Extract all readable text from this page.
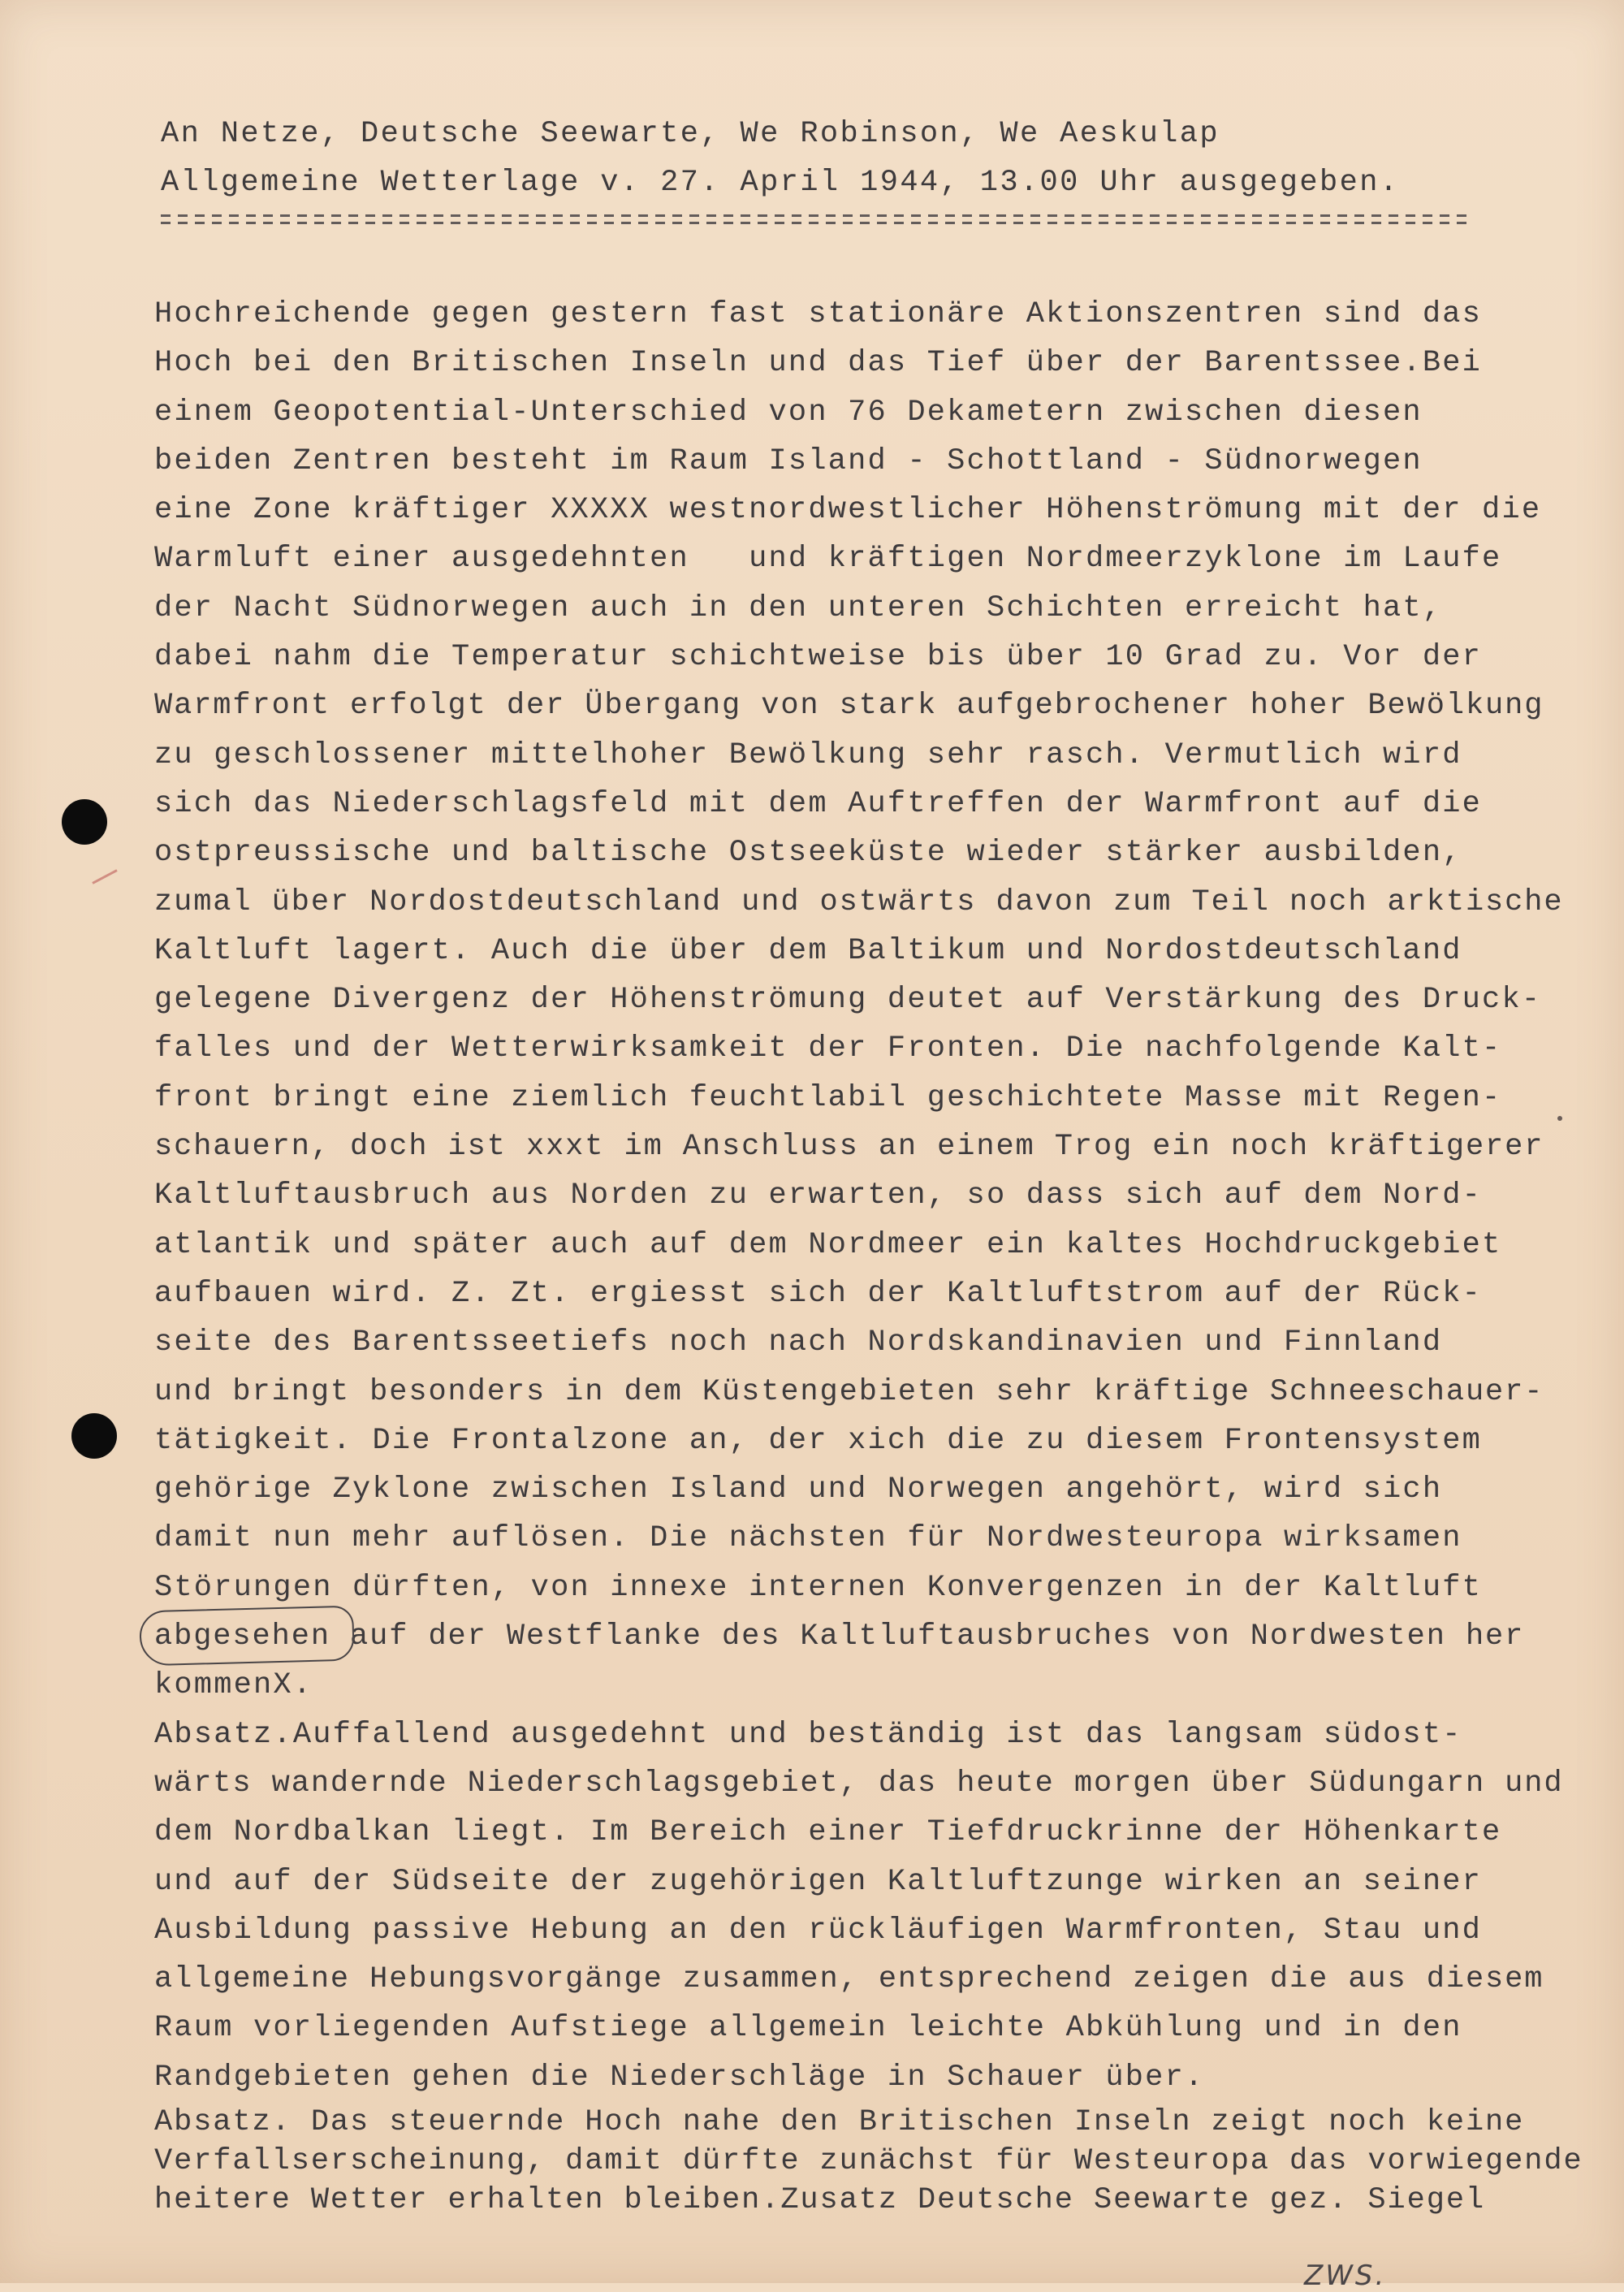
An Netze, Deutsche Seewarte, We Robinson, We Aeskulap
Allgemeine Wetterlage v. 27. April 1944, 13.00 Uhr ausgegeben.
Hochreichende gegen gestern fast stationäre Aktionszentren sind das
Hoch bei den Britischen Inseln und das Tief über der Barentssee.Bei
einem Geopotential-Unterschied von 76 Dekametern zwischen diesen
beiden Zentren besteht im Raum Island - Schottland - Südnorwegen
eine Zone kräftiger XXXXX westnordwestlicher Höhenströmung mit der die
Warmluft einer ausgedehnten   und kräftigen Nordmeerzyklone im Laufe
der Nacht Südnorwegen auch in den unteren Schichten erreicht hat,
dabei nahm die Temperatur schichtweise bis über 10 Grad zu. Vor der
Warmfront erfolgt der Übergang von stark aufgebrochener hoher Bewölkung
zu geschlossener mittelhoher Bewölkung sehr rasch. Vermutlich wird
sich das Niederschlagsfeld mit dem Auftreffen der Warmfront auf die
ostpreussische und baltische Ostseeküste wieder stärker ausbilden,
zumal über Nordostdeutschland und ostwärts davon zum Teil noch arktische
Kaltluft lagert. Auch die über dem Baltikum und Nordostdeutschland
gelegene Divergenz der Höhenströmung deutet auf Verstärkung des Druck-
falles und der Wetterwirksamkeit der Fronten. Die nachfolgende Kalt-
front bringt eine ziemlich feuchtlabil geschichtete Masse mit Regen-
schauern, doch ist xxxt im Anschluss an einem Trog ein noch kräftigerer
Kaltluftausbruch aus Norden zu erwarten, so dass sich auf dem Nord-
atlantik und später auch auf dem Nordmeer ein kaltes Hochdruckgebiet
aufbauen wird. Z. Zt. ergiesst sich der Kaltluftstrom auf der Rück-
seite des Barentsseetiefs noch nach Nordskandinavien und Finnland
und bringt besonders in dem Küstengebieten sehr kräftige Schneeschauer-
tätigkeit. Die Frontalzone an, der xich die zu diesem Frontensystem
gehörige Zyklone zwischen Island und Norwegen angehört, wird sich
damit nun mehr auflösen. Die nächsten für Nordwesteuropa wirksamen
Störungen dürften, von innexe internen Konvergenzen in der Kaltluft
abgesehen auf der Westflanke des Kaltluftausbruches von Nordwesten her
kommenX.
Absatz.Auffallend ausgedehnt und beständig ist das langsam südost-
wärts wandernde Niederschlagsgebiet, das heute morgen über Südungarn und
dem Nordbalkan liegt. Im Bereich einer Tiefdruckrinne der Höhenkarte
und auf der Südseite der zugehörigen Kaltluftzunge wirken an seiner
Ausbildung passive Hebung an den rückläufigen Warmfronten, Stau und
allgemeine Hebungsvorgänge zusammen, entsprechend zeigen die aus diesem
Raum vorliegenden Aufstiege allgemein leichte Abkühlung und in den
Randgebieten gehen die Niederschläge in Schauer über.
Absatz. Das steuernde Hoch nahe den Britischen Inseln zeigt noch keine
Verfallserscheinung, damit dürfte zunächst für Westeuropa das vorwiegende
heitere Wetter erhalten bleiben.Zusatz Deutsche Seewarte gez. Siegel
ZWS.
